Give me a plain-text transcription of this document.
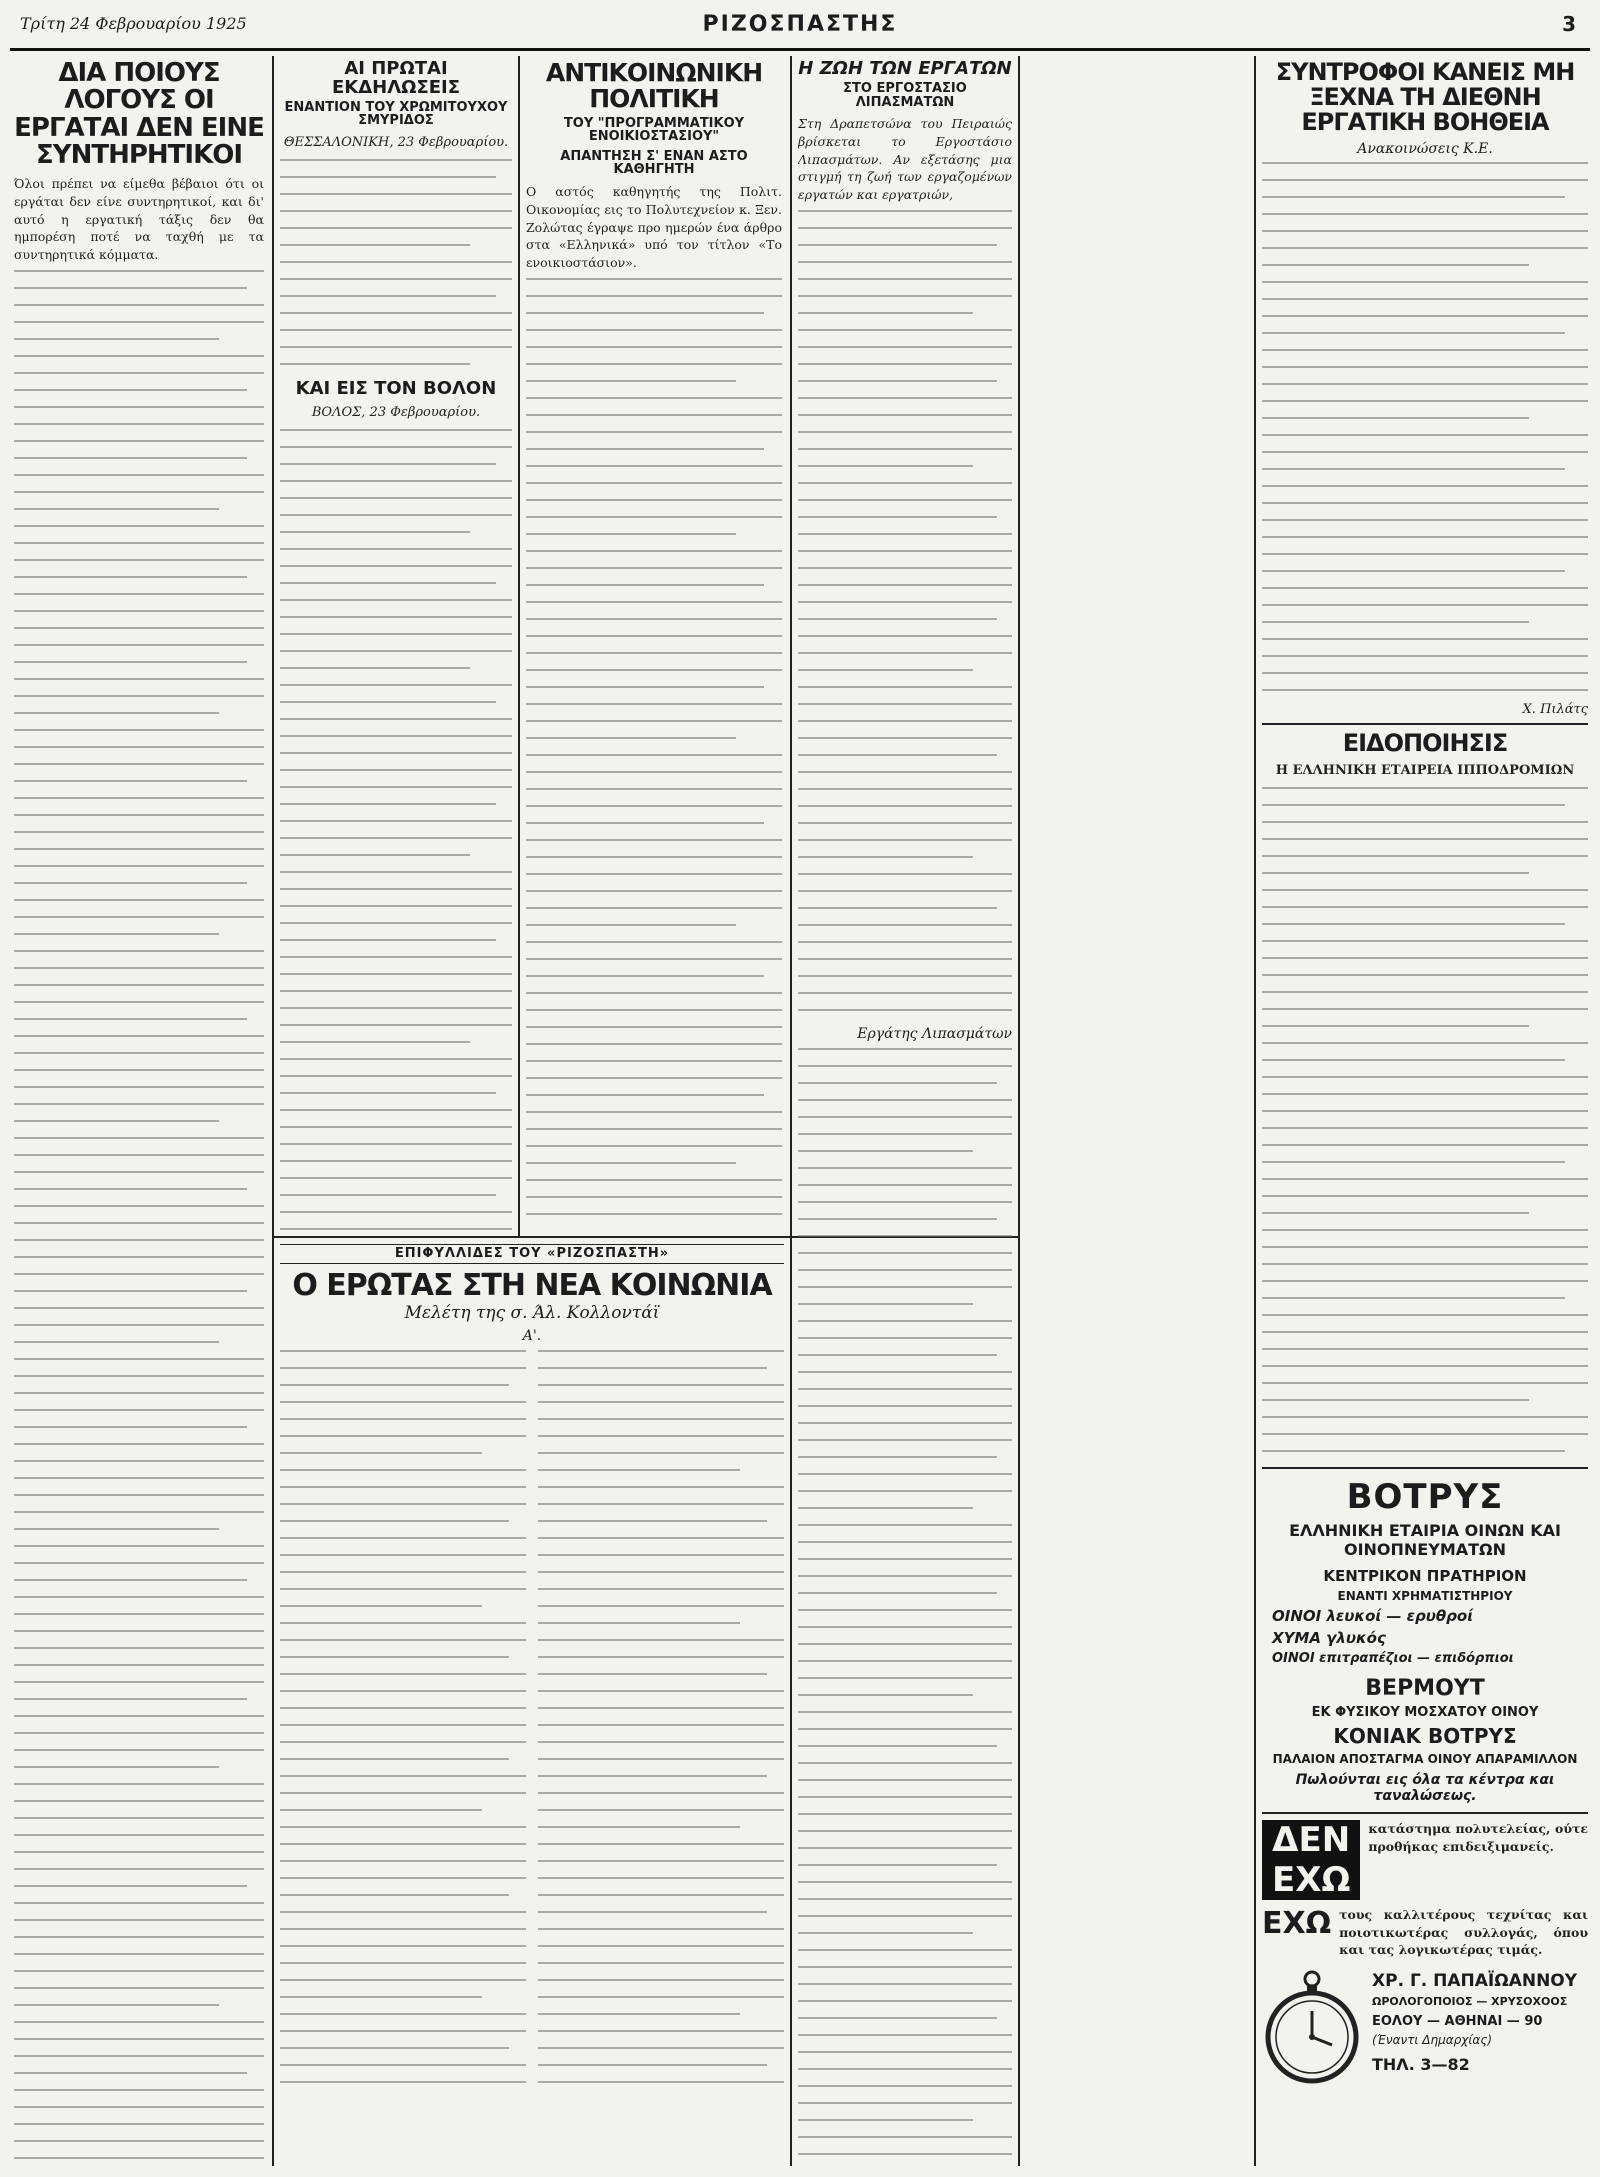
Τρίτη 24 Φεβρουαρίου 1925	ΡΙΖΟΣΠΑΣΤΗΣ	3
ΔΙΑ ΠΟΙΟΥΣ ΛΟΓΟΥΣ ΟΙ ΕΡΓΑΤΑΙ ΔΕΝ ΕΙΝΕ ΣΥΝΤΗΡΗΤΙΚΟΙ

Όλοι πρέπει να είμεθα βέβαιοι ότι οι εργάται δεν είνε συντηρητικοί, και δι' αυτό η εργατική τάξις δεν θα ημπορέση ποτέ να ταχθή με τα συντηρητικά κόμματα.

ΑΙ ΠΡΩΤΑΙ ΕΚΔΗΛΩΣΕΙΣ
ΕΝΑΝΤΙΟΝ ΤΟΥ ΧΡΩΜΙΤΟΥΧΟΥ ΣΜΥΡΙΔΟΣ

ΘΕΣΣΑΛΟΝΙΚΗ, 23 Φεβρουαρίου.

ΚΑΙ ΕΙΣ ΤΟΝ ΒΟΛΟΝ

ΒΟΛΟΣ, 23 Φεβρουαρίου.

ΑΝΤΙΚΟΙΝΩΝΙΚΗ ΠΟΛΙΤΙΚΗ
ΤΟΥ "ΠΡΟΓΡΑΜΜΑΤΙΚΟΥ ΕΝΟΙΚΙΟΣΤΑΣΙΟΥ"
ΑΠΑΝΤΗΣΗ Σ' ΕΝΑΝ ΑΣΤΟ ΚΑΘΗΓΗΤΗ

Ο αστός καθηγητής της Πολιτ. Οικονομίας εις το Πολυτεχνείον κ. Ξεν. Ζολώτας έγραψε προ ημερών ένα άρθρο στα «Ελληνικά» υπό τον τίτλον «Το ενοικιοστάσιον».

ΕΠΙΦΥΛΛΙΔΕΣ ΤΟΥ «ΡΙΖΟΣΠΑΣΤΗ»
Ο ΕΡΩΤΑΣ ΣΤΗ ΝΕΑ ΚΟΙΝΩΝΙΑ
Μελέτη της σ. Άλ. Κολλοντάϊ
Α'.
Η ΖΩΗ ΤΩΝ ΕΡΓΑΤΩΝ
ΣΤΟ ΕΡΓΟΣΤΑΣΙΟ ΛΙΠΑΣΜΑΤΩΝ

Στη Δραπετσώνα του Πειραιώς βρίσκεται το Εργοστάσιο Λιπασμάτων. Αν εξετάσης μια στιγμή τη ζωή των εργαζομένων εργατών και εργατριών,

Εργάτης Λιπασμάτων
ΣΥΝΤΡΟΦΟΙ ΚΑΝΕΙΣ ΜΗ ΞΕΧΝΑ ΤΗ ΔΙΕΘΝΗ ΕΡΓΑΤΙΚΗ ΒΟΗΘΕΙΑ
Ανακοινώσεις Κ.Ε.
Χ. Πιλάτς
ΕΙΔΟΠΟΙΗΣΙΣ

Η ΕΛΛΗΝΙΚΗ ΕΤΑΙΡΕΙΑ ΙΠΠΟΔΡΟΜΙΩΝ

ΒΟΤΡΥΣ
ΕΛΛΗΝΙΚΗ ΕΤΑΙΡΙΑ ΟΙΝΩΝ ΚΑΙ ΟΙΝΟΠΝΕΥΜΑΤΩΝ
ΚΕΝΤΡΙΚΟΝ ΠΡΑΤΗΡΙΟΝ
ΕΝΑΝΤΙ ΧΡΗΜΑΤΙΣΤΗΡΙΟΥ
ΟΙΝΟΙ λευκοί — ερυθροί
ΧΥΜΑ γλυκός
ΟΙΝΟΙ επιτραπέζιοι — επιδόρπιοι
ΒΕΡΜΟΥΤ
ΕΚ ΦΥΣΙΚΟΥ ΜΟΣΧΑΤΟΥ ΟΙΝΟΥ
ΚΟΝΙΑΚ ΒΟΤΡΥΣ
ΠΑΛΑΙΟΝ ΑΠΟΣΤΑΓΜΑ ΟΙΝΟΥ ΑΠΑΡΑΜΙΛΛΟΝ
Πωλούνται εις όλα τα κέντρα και ταναλώσεως.
ΔΕΝ ΕΧΩ
κατάστημα πολυτελείας, ούτε προθήκας επιδειξιμανείς.
ΕΧΩ τους καλλιτέρους τεχνίτας και ποιοτικωτέρας συλλογάς, όπου και τας λογικωτέρας τιμάς.
ΧΡ. Γ. ΠΑΠΑΪΩΑΝΝΟΥ
ΩΡΟΛΟΓΟΠΟΙΟΣ — ΧΡΥΣΟΧΟΟΣ
ΕΟΛΟΥ — ΑΘΗΝΑΙ — 90
(Έναντι Δημαρχίας)
ΤΗΛ. 3—82
